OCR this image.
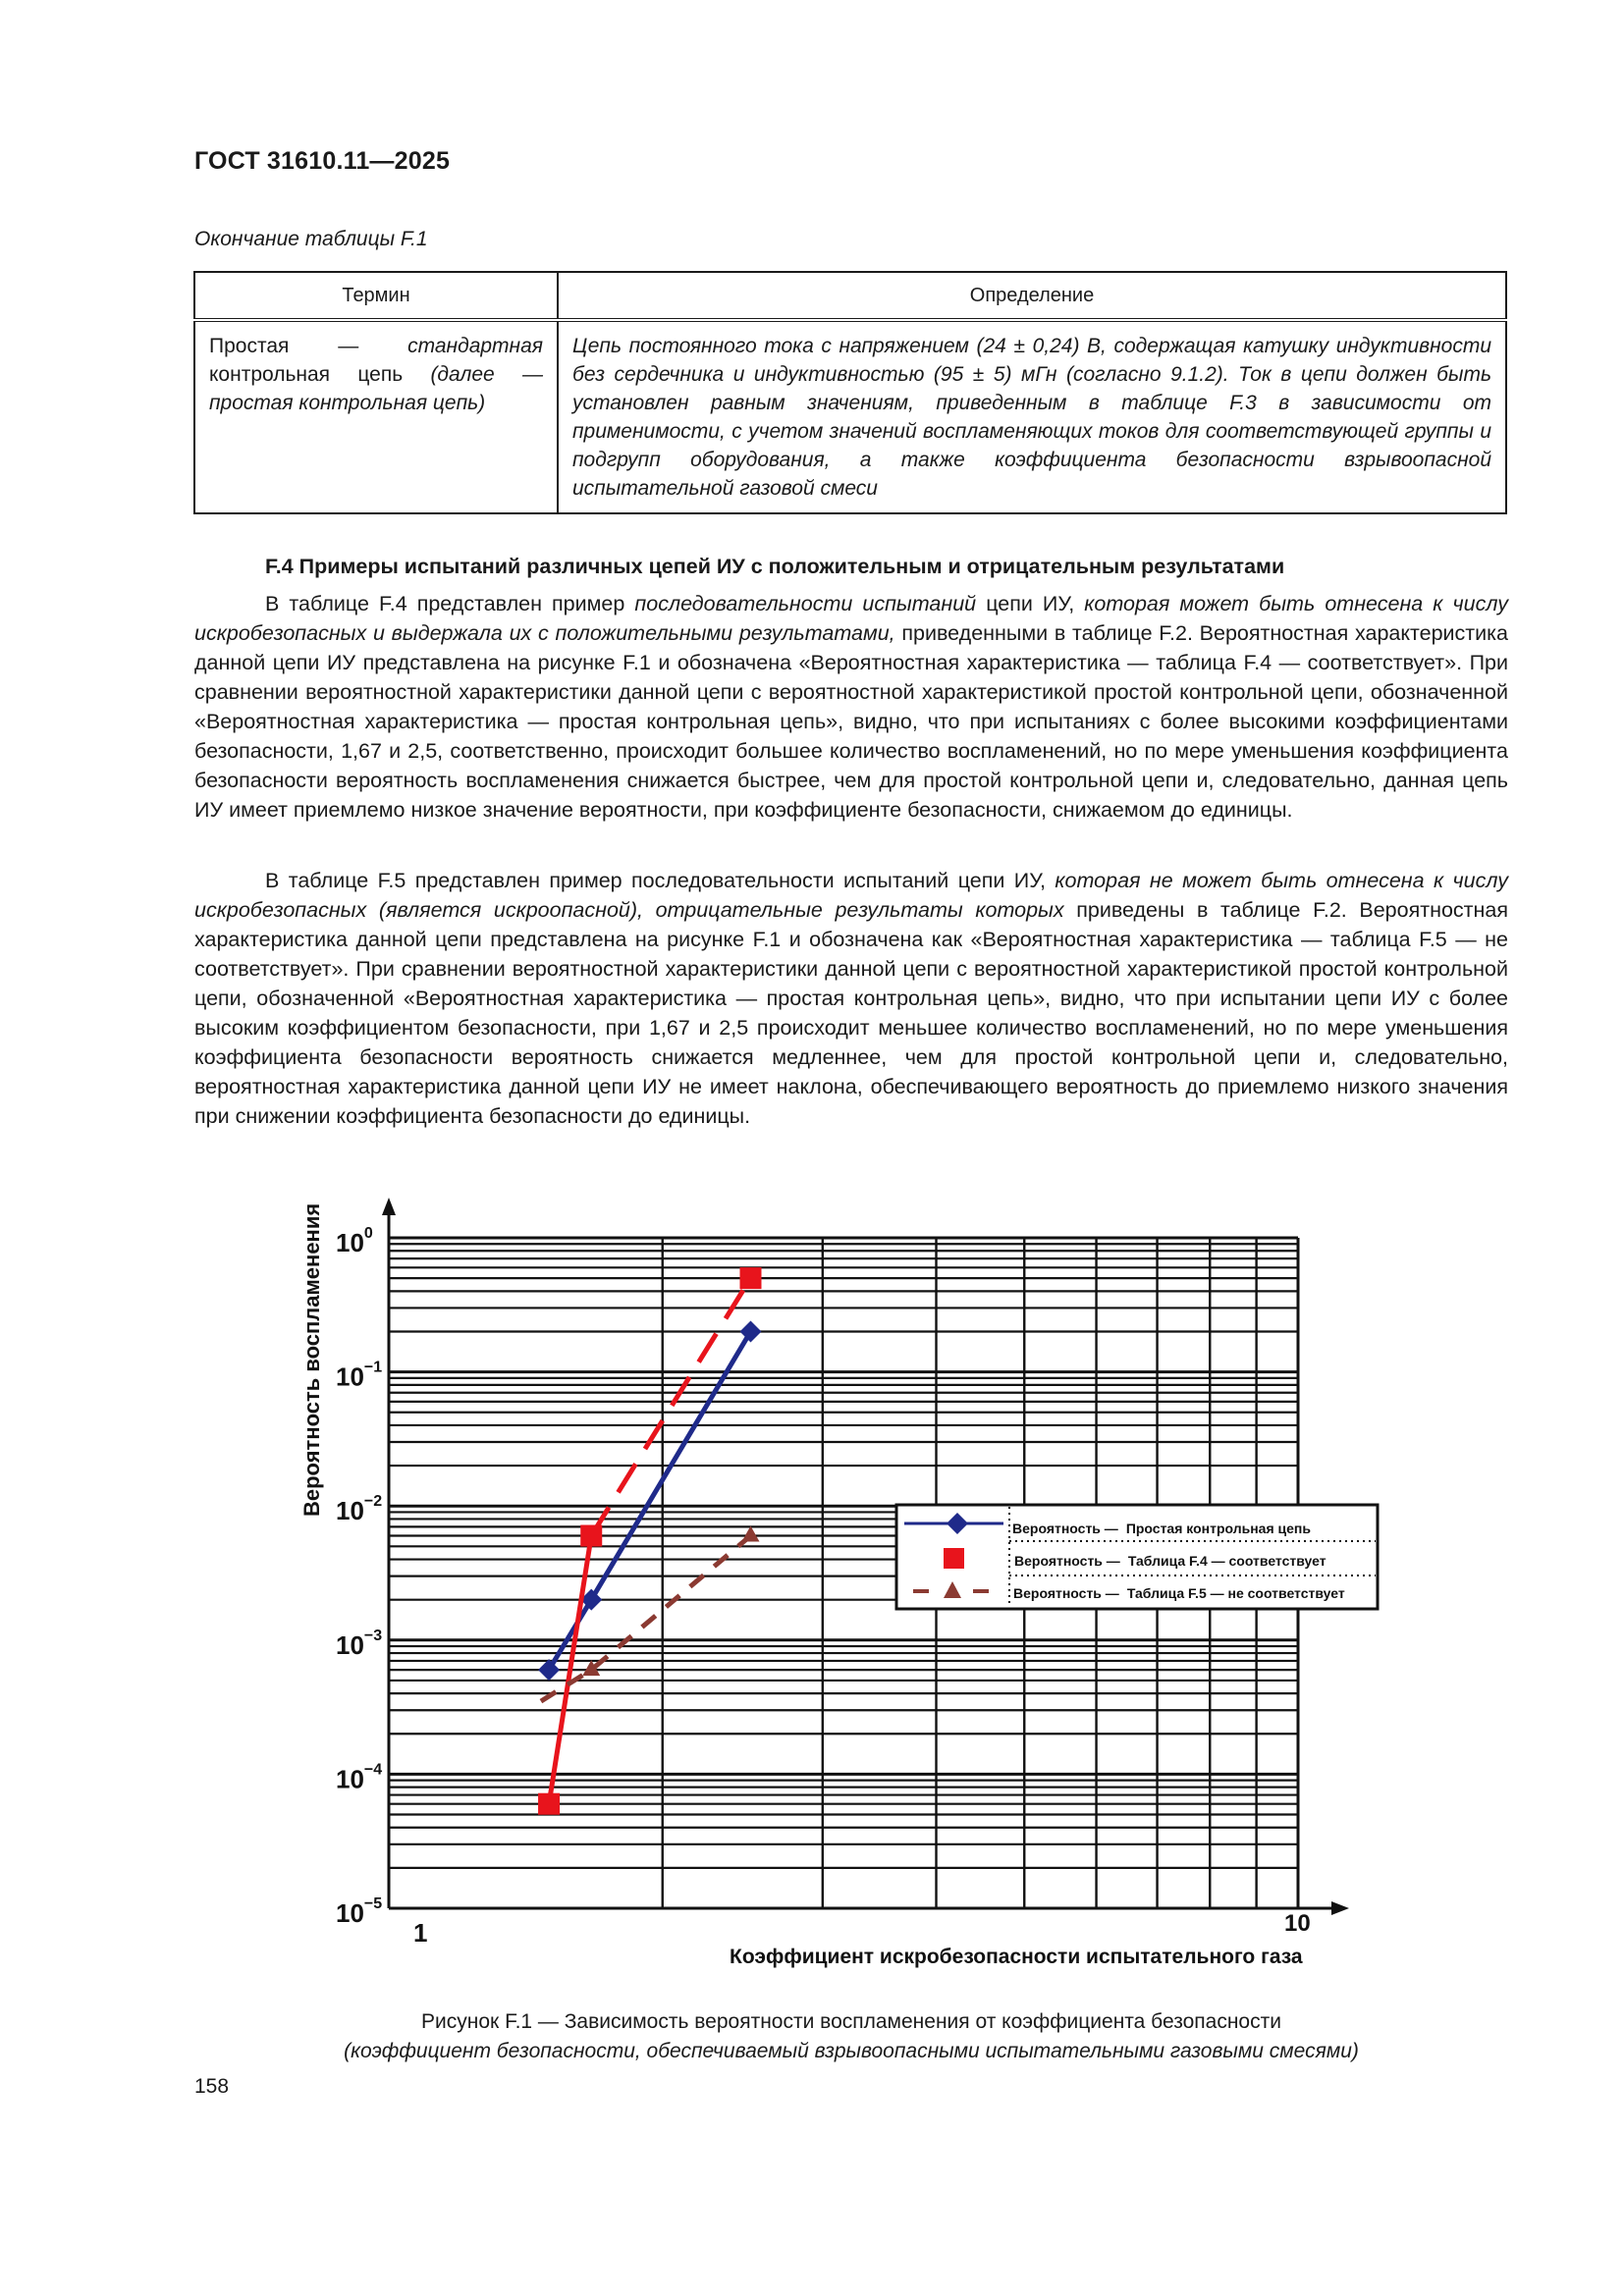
ГОСТ 31610.11—2025
Окончание таблицы F.1
Термин	Определение
Простая — стандартная контрольная цепь (далее — простая контрольная цепь)	Цепь постоянного тока с напряжением (24 ± 0,24) В, содержащая катушку индуктивности без сердечника и индуктивностью (95 ± 5) мГн (согласно 9.1.2). Ток в цепи должен быть установлен равным значениям, приведенным в таблице F.3 в зависимости от применимости, с учетом значений воспламеняющих токов для соответствующей группы и подгрупп оборудования, а также коэффициента безопасности взрывоопасной испытательной газовой смеси
F.4 Примеры испытаний различных цепей ИУ с положительным и отрицательным результатами

В таблице F.4 представлен пример последовательности испытаний цепи ИУ, которая может быть отнесена к числу искробезопасных и выдержала их с положительными результатами, приведенными в таблице F.2. Вероятностная характеристика данной цепи ИУ представлена на рисунке F.1 и обозначена «Вероятностная характеристика — таблица F.4 — соответствует». При сравнении вероятностной характеристики данной цепи с вероятностной характеристикой простой контрольной цепи, обозначенной «Вероятностная характеристика — простая контрольная цепь», видно, что при испытаниях с более высокими коэффициентами безопасности, 1,67 и 2,5, соответственно, происходит большее количество воспламенений, но по мере уменьшения коэффициента безопасности вероятность воспламенения снижается быстрее, чем для простой контрольной цепи и, следовательно, данная цепь ИУ имеет приемлемо низкое значение вероятности, при коэффициенте безопасности, снижаемом до единицы.

В таблице F.5 представлен пример последовательности испытаний цепи ИУ, которая не может быть отнесена к числу искробезопасных (является искроопасной), отрицательные результаты которых приведены в таблице F.2. Вероятностная характеристика данной цепи представлена на рисунке F.1 и обозначена как «Вероятностная характеристика — таблица F.5 — не соответствует». При сравнении вероятностной характеристики данной цепи с вероятностной характеристикой простой контрольной цепи, обозначенной «Вероятностная характеристика — простая контрольная цепь», видно, что при испытании цепи ИУ с более высоким коэффициентом безопасности, при 1,67 и 2,5 происходит меньшее количество воспламенений, но по мере уменьшения коэффициента безопасности вероятность снижается медленнее, чем для простой контрольной цепи и, следовательно, вероятностная характеристика данной цепи ИУ не имеет наклона, обеспечивающего вероятность до приемлемо низкого значения при снижении коэффициента безопасности до единицы.

$10^0$
$10^{-1}$
$10^{-2}$
$10^{-3}$
$10^{-4}$
$10^{-5}$
1	10
Коэффициент искробезопасности испытательного газа
Вероятность воспламенения
Вероятность — Простая контрольная цепь
Вероятность — Таблица F.4 — соответствует
Вероятность — Таблица F.5 — не соответствует
Рисунок F.1 — Зависимость вероятности воспламенения от коэффициента безопасности
(коэффициент безопасности, обеспечиваемый взрывоопасными испытательными газовыми смесями)
158
